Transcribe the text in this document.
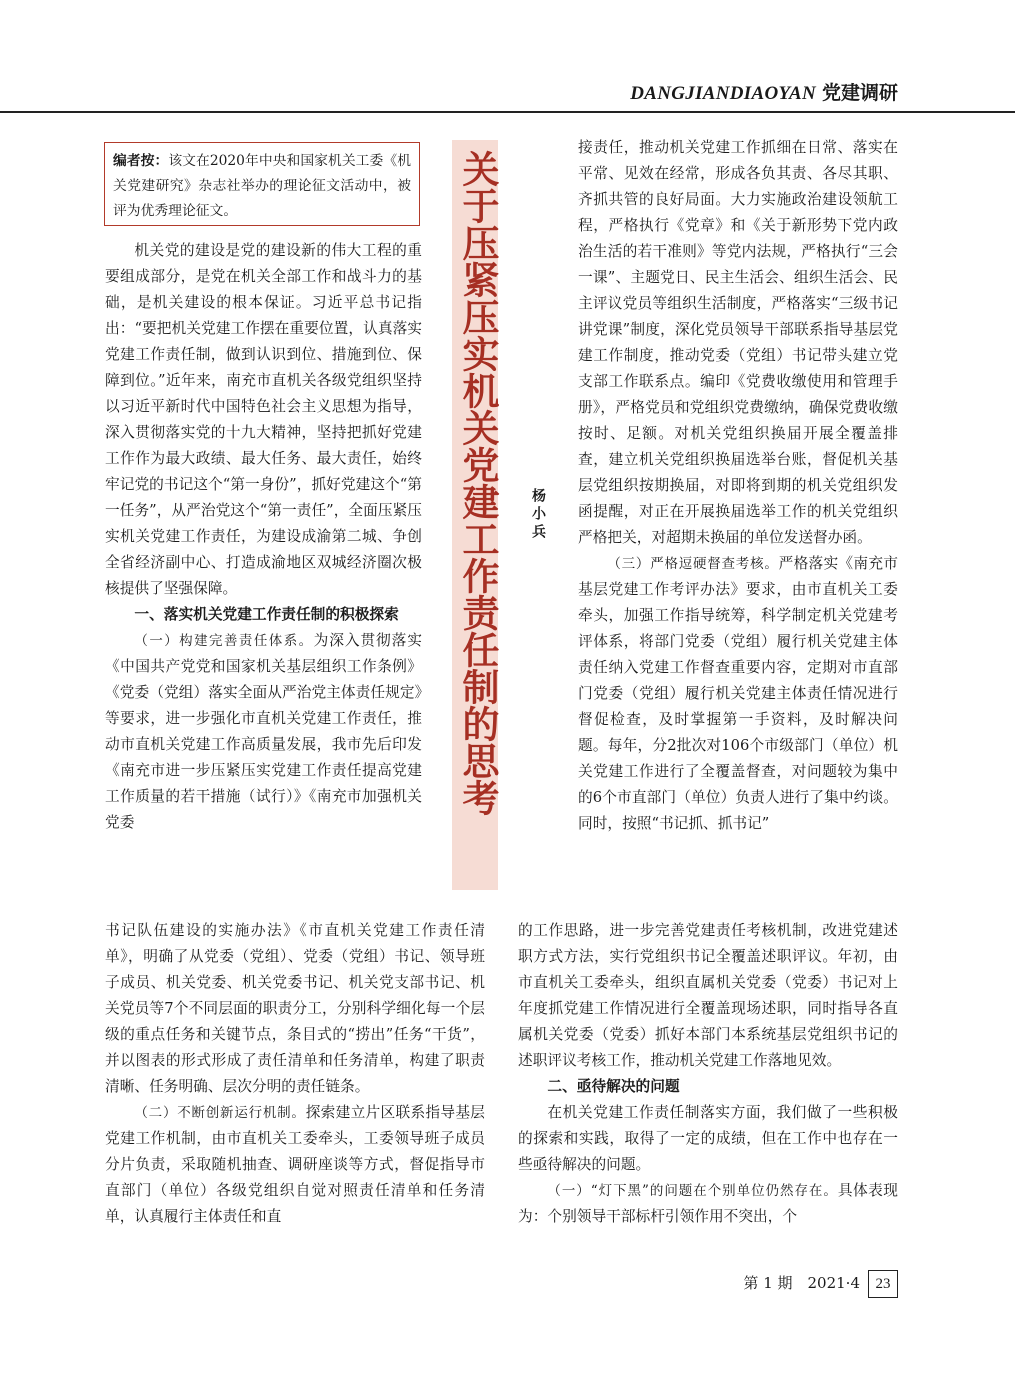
DANGJIANDIAOYAN 党建调研
编者按：该文在2020年中央和国家机关工委《机关党建研究》杂志社举办的理论征文活动中，被评为优秀理论征文。	关于压紧压实机关党建工作责任制的思考 杨小兵

机关党的建设是党的建设新的伟大工程的重要组成部分，是党在机关全部工作和战斗力的基础，是机关建设的根本保证。习近平总书记指出：“要把机关党建工作摆在重要位置，认真落实党建工作责任制，做到认识到位、措施到位、保障到位。”近年来，南充市直机关各级党组织坚持以习近平新时代中国特色社会主义思想为指导，深入贯彻落实党的十九大精神，坚持把抓好党建工作作为最大政绩、最大任务、最大责任，始终牢记党的书记这个“第一身份”，抓好党建这个“第一任务”，从严治党这个“第一责任”，全面压紧压实机关党建工作责任，为建设成渝第二城、争创全省经济副中心、打造成渝地区双城经济圈次极核提供了坚强保障。

一、落实机关党建工作责任制的积极探索

（一）构建完善责任体系。为深入贯彻落实《中国共产党党和国家机关基层组织工作条例》《党委（党组）落实全面从严治党主体责任规定》等要求，进一步强化市直机关党建工作责任，推动市直机关党建工作高质量发展，我市先后印发《南充市进一步压紧压实党建工作责任提高党建工作质量的若干措施（试行）》《南充市加强机关党委

书记队伍建设的实施办法》《市直机关党建工作责任清单》，明确了从党委（党组）、党委（党组）书记、领导班子成员、机关党委、机关党委书记、机关党支部书记、机关党员等7个不同层面的职责分工，分别科学细化每一个层级的重点任务和关键节点，条目式的“捞出”任务“干货”，并以图表的形式形成了责任清单和任务清单，构建了职责清晰、任务明确、层次分明的责任链条。

（二）不断创新运行机制。探索建立片区联系指导基层党建工作机制，由市直机关工委牵头，工委领导班子成员分片负责，采取随机抽查、调研座谈等方式，督促指导市直部门（单位）各级党组织自觉对照责任清单和任务清单，认真履行主体责任和直

接责任，推动机关党建工作抓细在日常、落实在平常、见效在经常，形成各负其责、各尽其职、齐抓共管的良好局面。大力实施政治建设领航工程，严格执行《党章》和《关于新形势下党内政治生活的若干准则》等党内法规，严格执行“三会一课”、主题党日、民主生活会、组织生活会、民主评议党员等组织生活制度，严格落实“三级书记讲党课”制度，深化党员领导干部联系指导基层党建工作制度，推动党委（党组）书记带头建立党支部工作联系点。编印《党费收缴使用和管理手册》，严格党员和党组织党费缴纳，确保党费收缴按时、足额。对机关党组织换届开展全覆盖排查，建立机关党组织换届选举台账，督促机关基层党组织按期换届，对即将到期的机关党组织发函提醒，对正在开展换届选举工作的机关党组织严格把关，对超期未换届的单位发送督办函。

（三）严格逗硬督查考核。严格落实《南充市基层党建工作考评办法》要求，由市直机关工委牵头，加强工作指导统筹，科学制定机关党建考评体系，将部门党委（党组）履行机关党建主体责任纳入党建工作督查重要内容，定期对市直部门党委（党组）履行机关党建主体责任情况进行督促检查，及时掌握第一手资料，及时解决问题。每年，分2批次对106个市级部门（单位）机关党建工作进行了全覆盖督查，对问题较为集中的6个市直部门（单位）负责人进行了集中约谈。同时，按照“书记抓、抓书记”

的工作思路，进一步完善党建责任考核机制，改进党建述职方式方法，实行党组织书记全覆盖述职评议。年初，由市直机关工委牵头，组织直属机关党委（党委）书记对上年度抓党建工作情况进行全覆盖现场述职，同时指导各直属机关党委（党委）抓好本部门本系统基层党组织书记的述职评议考核工作，推动机关党建工作落地见效。

二、亟待解决的问题

在机关党建工作责任制落实方面，我们做了一些积极的探索和实践，取得了一定的成绩，但在工作中也存在一些亟待解决的问题。

（一）“灯下黑”的问题在个别单位仍然存在。具体表现为：个别领导干部标杆引领作用不突出，个

第 1 期　2021·4 23
